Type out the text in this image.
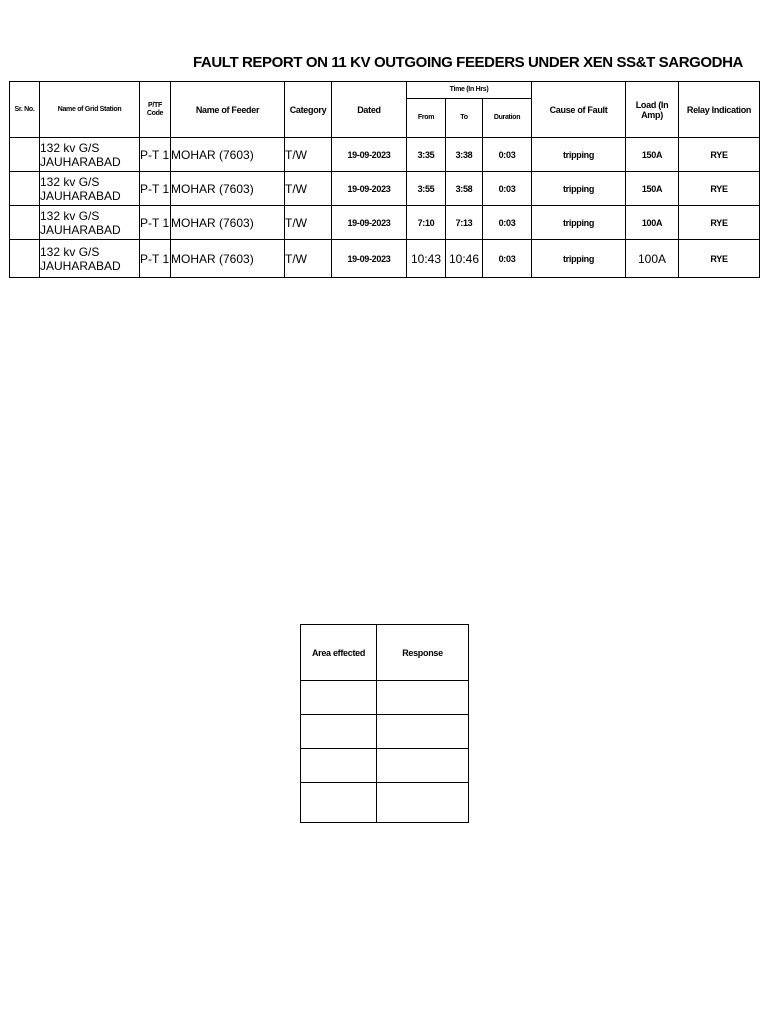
FAULT REPORT ON 11 KV OUTGOING FEEDERS UNDER XEN SS&T SARGODHA
Sr. No.	Name of Grid Station	P/TF Code	Name of Feeder	Category	Dated	Time (In Hrs)			Cause of Fault	Load (In Amp)	Relay Indication
						From	To	Duration			
	132 kv G/S JAUHARABAD	P-T 1	MOHAR (7603)	T/W	19-09-2023	3:35	3:38	0:03	tripping	150A	RYE
	132 kv G/S JAUHARABAD	P-T 1	MOHAR (7603)	T/W	19-09-2023	3:55	3:58	0:03	tripping	150A	RYE
	132 kv G/S JAUHARABAD	P-T 1	MOHAR (7603)	T/W	19-09-2023	7:10	7:13	0:03	tripping	100A	RYE
	132 kv G/S JAUHARABAD	P-T 1	MOHAR (7603)	T/W	19-09-2023	10:43	10:46	0:03	tripping	100A	RYE
Area effected	Response
